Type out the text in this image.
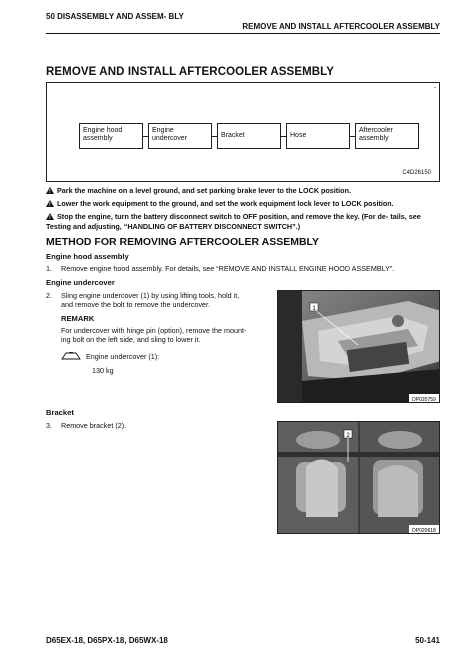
50 DISASSEMBLY AND ASSEM- BLY
REMOVE AND INSTALL AFTERCOOLER ASSEMBLY
REMOVE AND INSTALL AFTERCOOLER ASSEMBLY
-
Engine hood assembly
Engine undercover	Bracket	Hose
Aftercooler assembly
C4D26150
!Park the machine on a level ground, and set parking brake lever to the LOCK position.
!Lower the work equipment to the ground, and set the work equipment lock lever to LOCK position.
!Stop the engine, turn the battery disconnect switch to OFF position, and remove the key. (For de- tails, see Testing and adjusting, “HANDLING OF BATTERY DISCONNECT SWITCH”.)
METHOD FOR REMOVING AFTERCOOLER ASSEMBLY
Engine hood assembly
1. Remove engine hood assembly. For details, see “REMOVE AND INSTALL ENGINE HOOD ASSEMBLY”.
Engine undercover
2. Sling engine undercover (1) by using lifting tools, hold it,
and remove the bolt to remove the undercover.
REMARK
For undercover with hinge pin (option), remove the mount-
ing bolt on the left side, and sling to lower it.
Engine undercover (1):
130 kg
1
DP020759
Bracket
3. Remove bracket (2).
2
DP020618
D65EX-18, D65PX-18, D65WX-18	50-141
